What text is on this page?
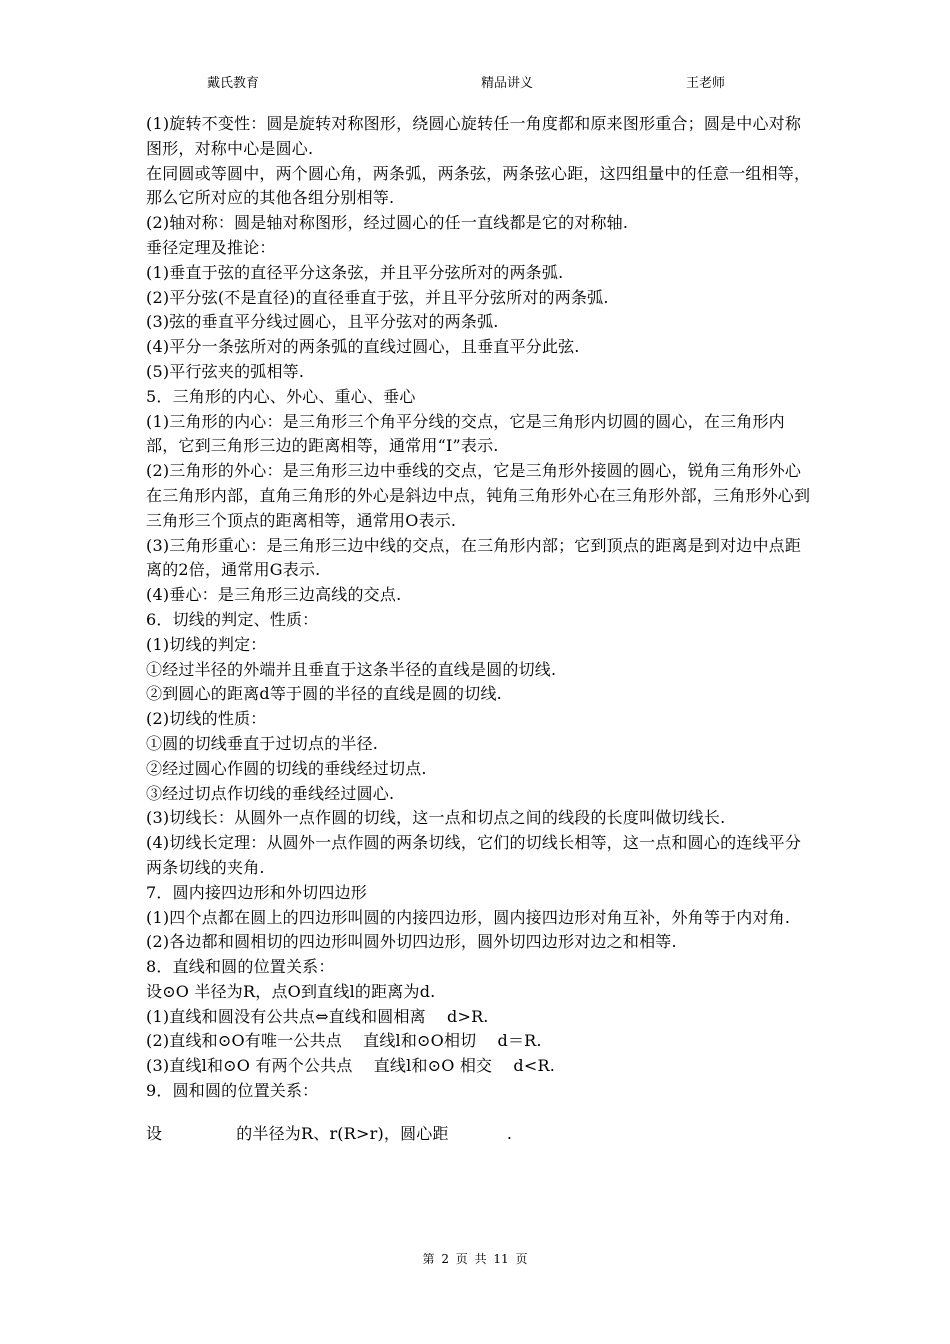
戴氏教育	精品讲义	王老师

(1)旋转不变性：圆是旋转对称图形，绕圆心旋转任一角度都和原来图形重合；圆是中心对称图形，对称中心是圆心.

在同圆或等圆中，两个圆心角，两条弧，两条弦，两条弦心距，这四组量中的任意一组相等，那么它所对应的其他各组分别相等.

(2)轴对称：圆是轴对称图形，经过圆心的任一直线都是它的对称轴.

垂径定理及推论：

(1)垂直于弦的直径平分这条弦，并且平分弦所对的两条弧.

(2)平分弦(不是直径)的直径垂直于弦，并且平分弦所对的两条弧.

(3)弦的垂直平分线过圆心，且平分弦对的两条弧.

(4)平分一条弦所对的两条弧的直线过圆心，且垂直平分此弦.

(5)平行弦夹的弧相等.

5．三角形的内心、外心、重心、垂心

(1)三角形的内心：是三角形三个角平分线的交点，它是三角形内切圆的圆心，在三角形内部，它到三角形三边的距离相等，通常用“I”表示.

(2)三角形的外心：是三角形三边中垂线的交点，它是三角形外接圆的圆心，锐角三角形外心在三角形内部，直角三角形的外心是斜边中点，钝角三角形外心在三角形外部，三角形外心到三角形三个顶点的距离相等，通常用O表示.

(3)三角形重心：是三角形三边中线的交点，在三角形内部；它到顶点的距离是到对边中点距离的2倍，通常用G表示.

(4)垂心：是三角形三边高线的交点.

6．切线的判定、性质：

(1)切线的判定：

①经过半径的外端并且垂直于这条半径的直线是圆的切线.

②到圆心的距离d等于圆的半径的直线是圆的切线.

(2)切线的性质：

①圆的切线垂直于过切点的半径.

②经过圆心作圆的切线的垂线经过切点.

③经过切点作切线的垂线经过圆心.

(3)切线长：从圆外一点作圆的切线，这一点和切点之间的线段的长度叫做切线长.

(4)切线长定理：从圆外一点作圆的两条切线，它们的切线长相等，这一点和圆心的连线平分两条切线的夹角.

7．圆内接四边形和外切四边形

(1)四个点都在圆上的四边形叫圆的内接四边形，圆内接四边形对角互补，外角等于内对角.

(2)各边都和圆相切的四边形叫圆外切四边形，圆外切四边形对边之和相等.

8．直线和圆的位置关系：

设⊙O 半径为R，点O到直线l的距离为d.

(1)直线和圆没有公共点⇔直线和圆相离    d>R.

(2)直线和⊙O有唯一公共点    直线l和⊙O相切    d＝R.

(3)直线l和⊙O 有两个公共点    直线l和⊙O 相交    d<R.

9．圆和圆的位置关系：

设              的半径为R、r(R>r)，圆心距           .

第 2 页 共 11 页
